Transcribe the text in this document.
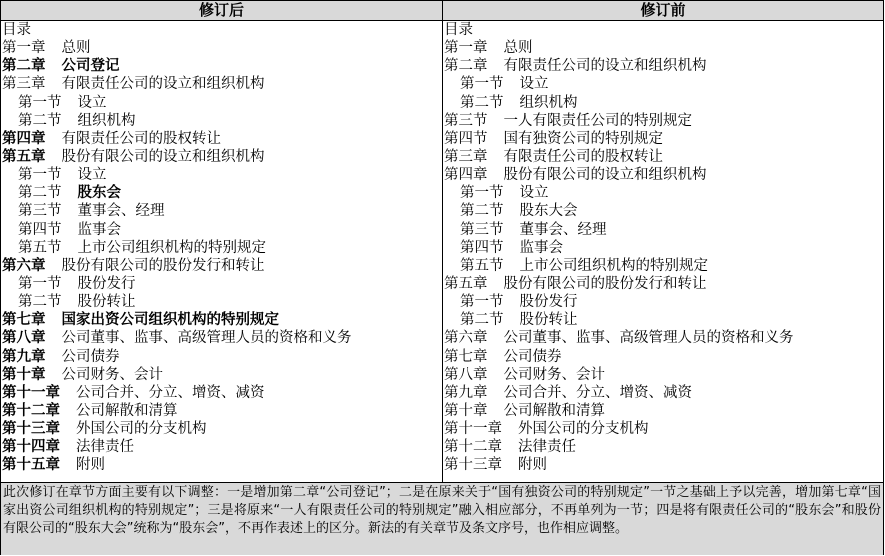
修订后	修订前
目录
第一章 总则
第二章 公司登记
第三章 有限责任公司的设立和组织机构
第一节 设立
第二节 组织机构
第四章 有限责任公司的股权转让
第五章 股份有限公司的设立和组织机构
第一节 设立
第二节 股东会
第三节 董事会、经理
第四节 监事会
第五节 上市公司组织机构的特别规定
第六章 股份有限公司的股份发行和转让
第一节 股份发行
第二节 股份转让
第七章 国家出资公司组织机构的特别规定
第八章 公司董事、监事、高级管理人员的资格和义务
第九章 公司债券
第十章 公司财务、会计
第十一章 公司合并、分立、增资、减资
第十二章 公司解散和清算
第十三章 外国公司的分支机构
第十四章 法律责任
第十五章 附则
目录
第一章 总则
第二章 有限责任公司的设立和组织机构
第一节 设立
第二节 组织机构
第三节 一人有限责任公司的特别规定
第四节 国有独资公司的特别规定
第三章 有限责任公司的股权转让
第四章 股份有限公司的设立和组织机构
第一节 设立
第二节 股东大会
第三节 董事会、经理
第四节 监事会
第五节 上市公司组织机构的特别规定
第五章 股份有限公司的股份发行和转让
第一节 股份发行
第二节 股份转让
第六章 公司董事、监事、高级管理人员的资格和义务
第七章 公司债券
第八章 公司财务、会计
第九章 公司合并、分立、增资、减资
第十章 公司解散和清算
第十一章 外国公司的分支机构
第十二章 法律责任
第十三章 附则
此次修订在章节方面主要有以下调整：一是增加第二章“公司登记”；二是在原来关于“国有独资公司的特别规定”一节之基础上予以完善，增加第七章“国家出资公司组织机构的特别规定”；三是将原来“一人有限责任公司的特别规定”融入相应部分，不再单列为一节；四是将有限责任公司的“股东会”和股份有限公司的“股东大会”统称为“股东会”，不再作表述上的区分。新法的有关章节及条文序号，也作相应调整。
